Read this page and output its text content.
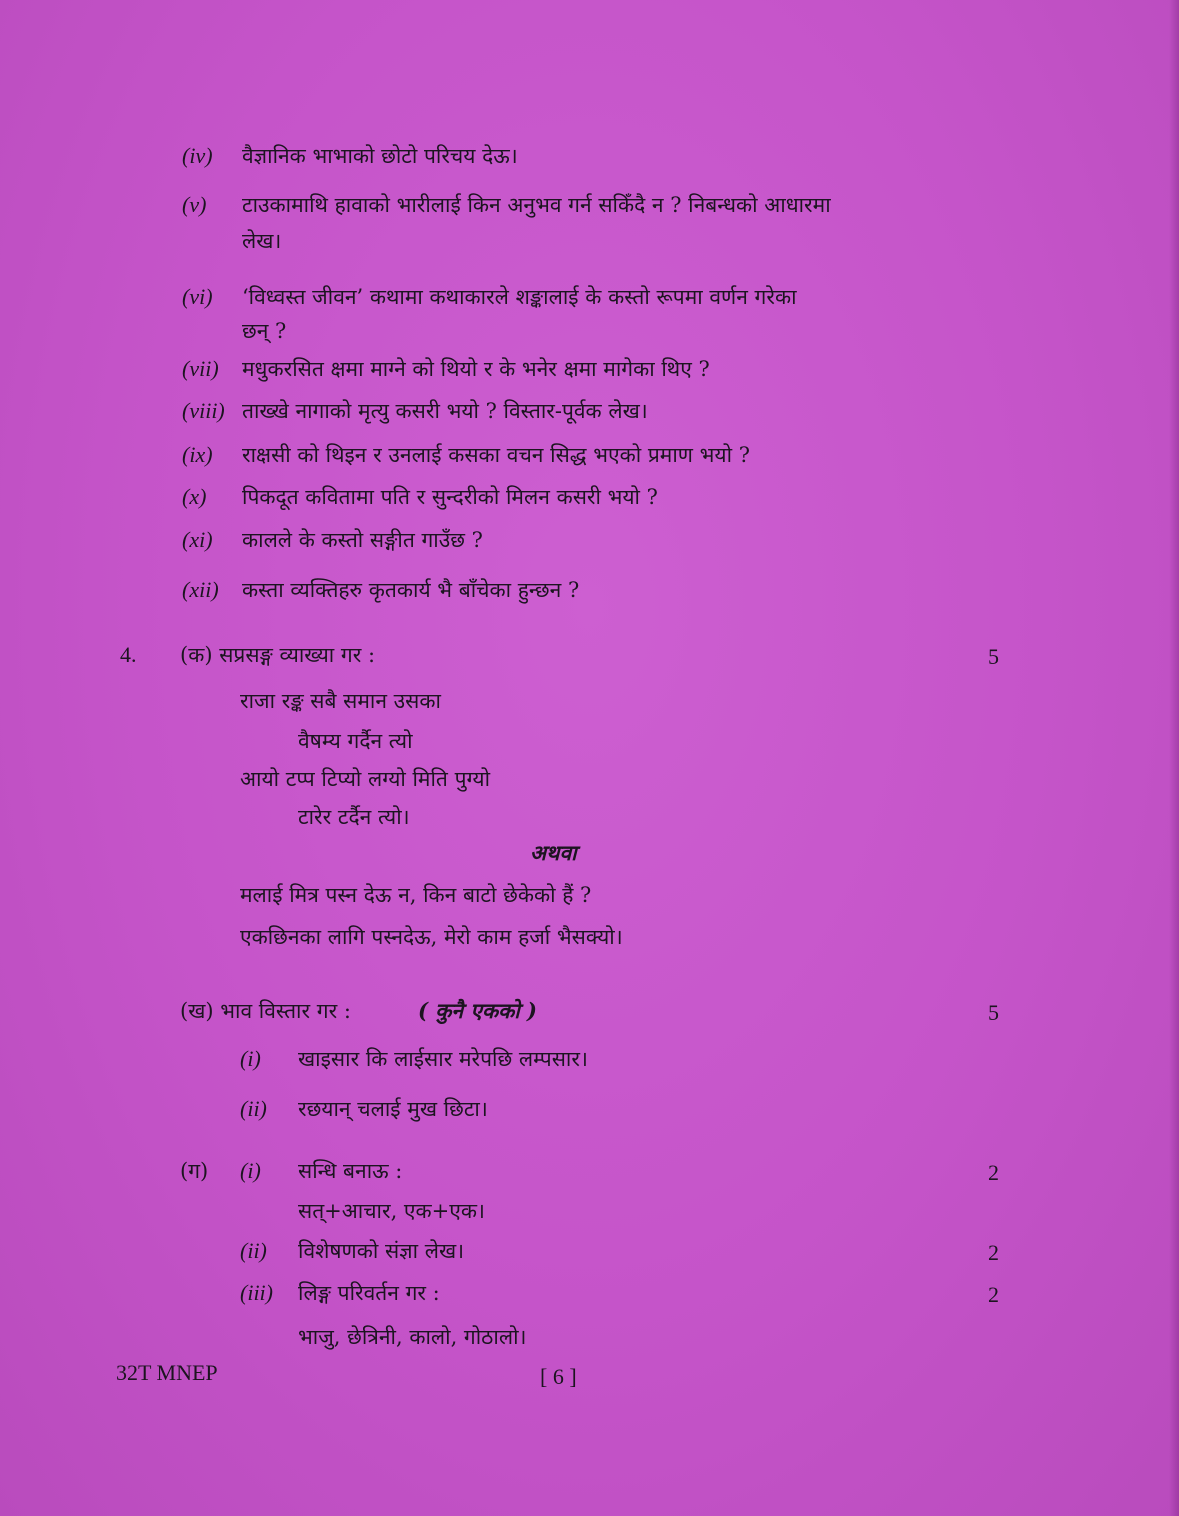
(iv) वैज्ञानिक भाभाको छोटो परिचय देऊ।
(v) टाउकामाथि हावाको भारीलाई किन अनुभव गर्न सकिँदै न ? निबन्धको आधारमा
लेख।
(vi) ‘विध्वस्त जीवन’ कथामा कथाकारले शङ्कालाई के कस्तो रूपमा वर्णन गरेका
छन् ?
(vii) मधुकरसित क्षमा माग्ने को थियो र के भनेर क्षमा मागेका थिए ?
(viii) ताख्खे नागाको मृत्यु कसरी भयो ? विस्तार-पूर्वक लेख।
(ix) राक्षसी को थिइन र उनलाई कसका वचन सिद्ध भएको प्रमाण भयो ?
(x) पिकदूत कवितामा पति र सुन्दरीको मिलन कसरी भयो ?
(xi) कालले के कस्तो सङ्गीत गाउँछ ?
(xii) कस्ता व्यक्तिहरु कृतकार्य भै बाँचेका हुन्छन ?
4. (क) सप्रसङ्ग व्याख्या गर :	5
राजा रङ्क सबै समान उसका
वैषम्य गर्दैन त्यो
आयो टप्प टिप्यो लग्यो मिति पुग्यो
टारेर टर्दैन त्यो।
अथवा
मलाई मित्र पस्न देऊ न, किन बाटो छेकेको हैं ?
एकछिनका लागि पस्नदेऊ, मेरो काम हर्जा भैसक्यो।
(ख) भाव विस्तार गर :	( कुनै एकको )	5
(i) खाइसार कि लाईसार मरेपछि लम्पसार।
(ii) रछयान् चलाई मुख छिटा।
(ग) (i) सन्धि बनाऊ :	2
सत्+आचार, एक+एक।
(ii) विशेषणको संज्ञा लेख।	2
(iii) लिङ्ग परिवर्तन गर :	2
भाजु, छेत्रिनी, कालो, गोठालो।
32T MNEP	[ 6 ]
